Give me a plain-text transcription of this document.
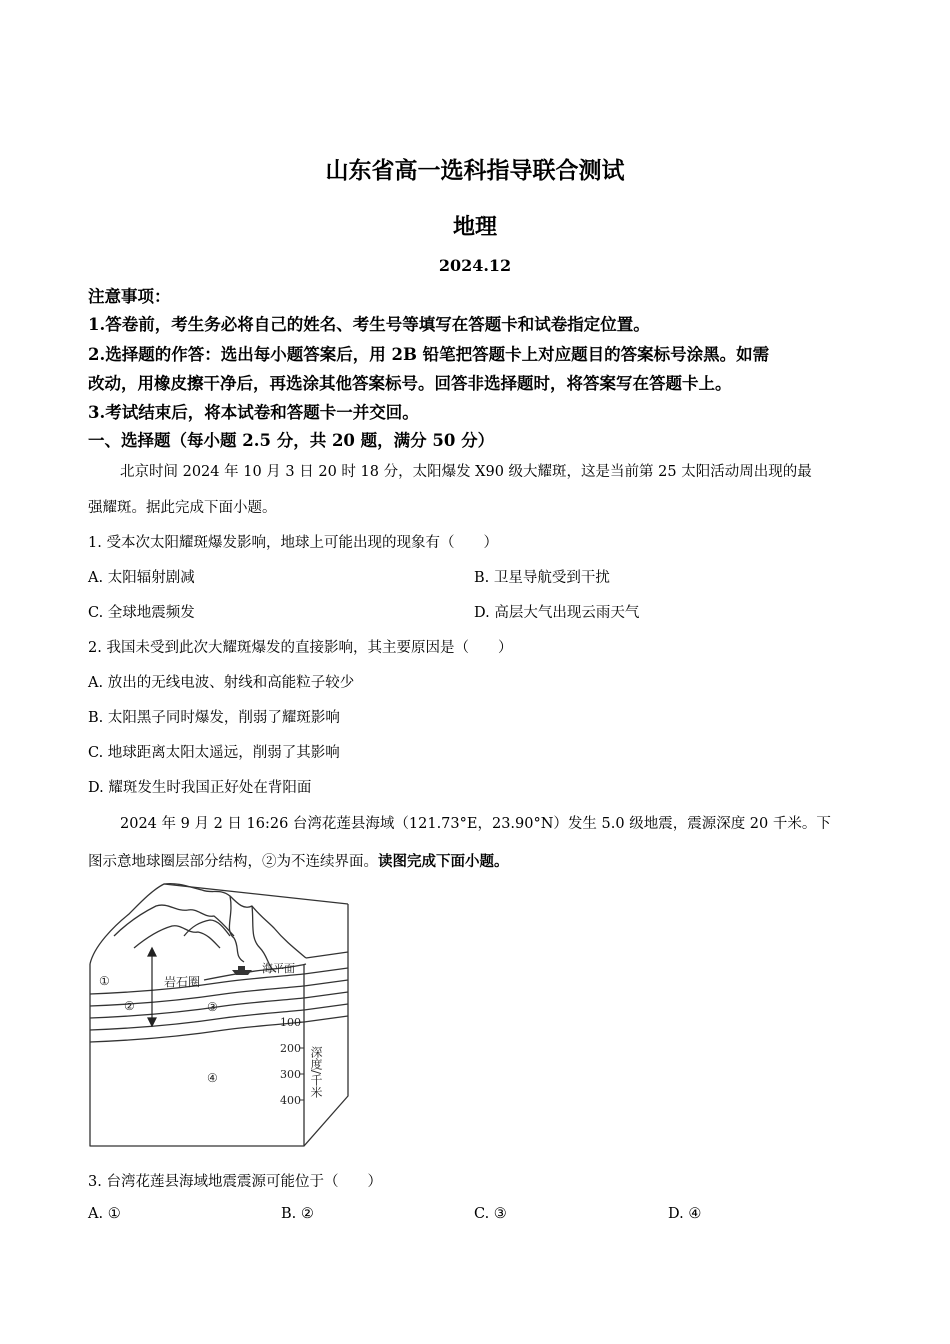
山东省高一选科指导联合测试
地理
2024.12
注意事项：
1.答卷前，考生务必将自己的姓名、考生号等填写在答题卡和试卷指定位置。
2.选择题的作答：选出每小题答案后，用 2B 铅笔把答题卡上对应题目的答案标号涂黑。如需
改动，用橡皮擦干净后，再选涂其他答案标号。回答非选择题时，将答案写在答题卡上。
3.考试结束后，将本试卷和答题卡一并交回。
一、选择题（每小题 2.5 分，共 20 题，满分 50 分）
北京时间 2024 年 10 月 3 日 20 时 18 分，太阳爆发 X90 级大耀斑，这是当前第 25 太阳活动周出现的最
强耀斑。据此完成下面小题。
1. 受本次太阳耀斑爆发影响，地球上可能出现的现象有（　　）
A. 太阳辐射剧减	B. 卫星导航受到干扰
C. 全球地震频发	D. 高层大气出现云雨天气
2. 我国未受到此次大耀斑爆发的直接影响，其主要原因是（　　）
A. 放出的无线电波、射线和高能粒子较少
B. 太阳黑子同时爆发，削弱了耀斑影响
C. 地球距离太阳太遥远，削弱了其影响
D. 耀斑发生时我国正好处在背阳面
2024 年 9 月 2 日 16:26 台湾花莲县海域（121.73°E，23.90°N）发生 5.0 级地震，震源深度 20 千米。下
图示意地球圈层部分结构，②为不连续界面。读图完成下面小题。
①	岩石圈
②	③
④
海平面
100
200
300
400
深度/千米
3. 台湾花莲县海域地震震源可能位于（　　）
A. ①	B. ②	C. ③	D. ④
